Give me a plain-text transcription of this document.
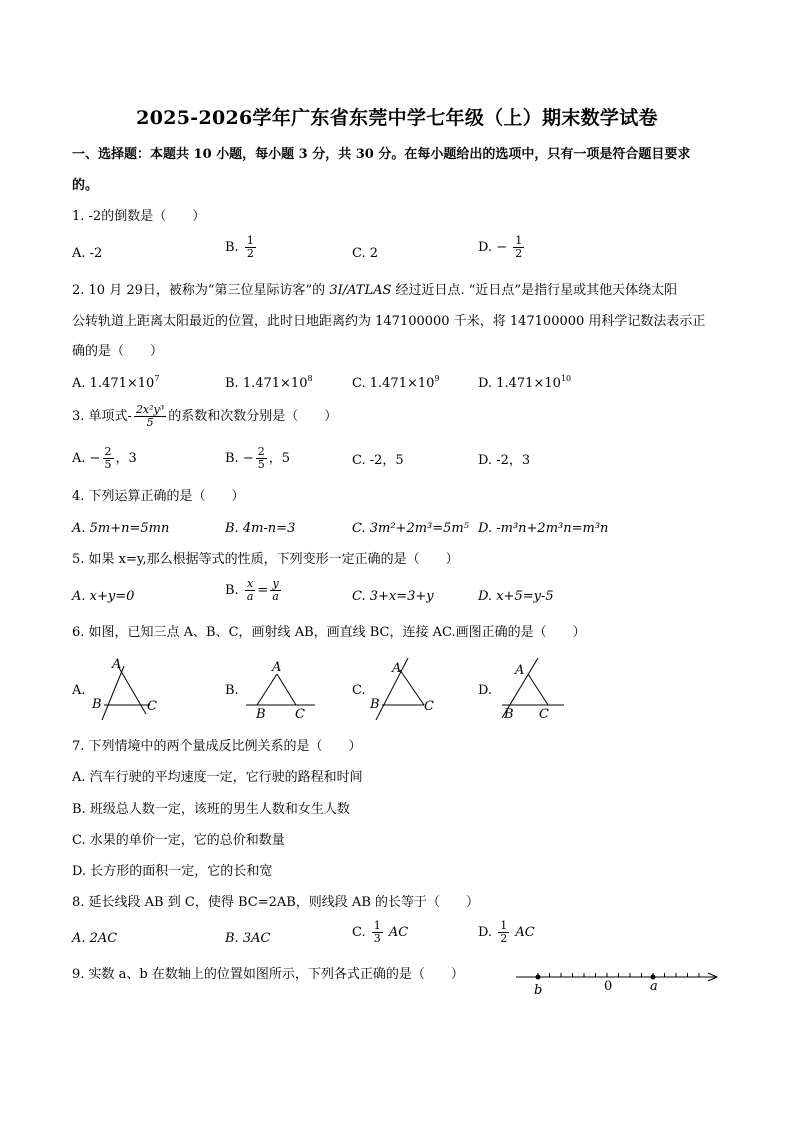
2025-2026学年广东省东莞中学七年级（上）期末数学试卷
一、选择题：本题共 10 小题，每小题 3 分，共 30 分。在每小题给出的选项中，只有一项是符合题目要求
的。
1. -2的倒数是（　　）
A. -2	B. $\frac{1}{2}$	C. 2	D. − $\frac{1}{2}$
2. 10 月 29日，被称为“第三位星际访客”的 3I/ATLAS 经过近日点. “近日点”是指行星或其他天体绕太阳
公转轨道上距离太阳最近的位置，此时日地距离约为 147100000 千米，将 147100000 用科学记数法表示正
确的是（　　）
A. $1.471\times 10^7$	B. $1.471\times 10^8$	C. $1.471\times 10^9$	D. $1.471\times 10^{10}$
3. 单项式- $\frac{\text{2x²y³}}{5}$ 的系数和次数分别是（　　）
A. − $\frac{2}{5}$ ，3	B. − $\frac{2}{5}$ ，5	C. -2，5	D. -2，3
4. 下列运算正确的是（　　）
A. 5m+n=5mn	B. 4m-n=3	C. 3m²+2m³=5m⁵ D. -m³n+2m³n=m³n
5. 如果 x=y,那么根据等式的性质，下列变形一定正确的是（　　）
A. x+y=0	B. $\frac{x}{a} = \frac{y}{a}$	C. 3+x=3+y	D. x+5=y-5
6. 如图，已知三点 A、B、C，画射线 AB，画直线 BC，连接 AC.画图正确的是（　　）
A.
A
B	C
B.
A
B C
C.
A
B	C
D.
A
B C
7. 下列情境中的两个量成反比例关系的是（　　）
A. 汽车行驶的平均速度一定，它行驶的路程和时间
B. 班级总人数一定，该班的男生人数和女生人数
C. 水果的单价一定，它的总价和数量
D. 长方形的面积一定，它的长和宽
8. 延长线段 AB 到 C，使得 BC=2AB，则线段 AB 的长等于（　　）
A. 2AC	B. 3AC	C. $\frac{1}{3}$ AC	D. $\frac{1}{2}$ AC
9. 实数 a、b 在数轴上的位置如图所示，下列各式正确的是（　　）
b	0	a
